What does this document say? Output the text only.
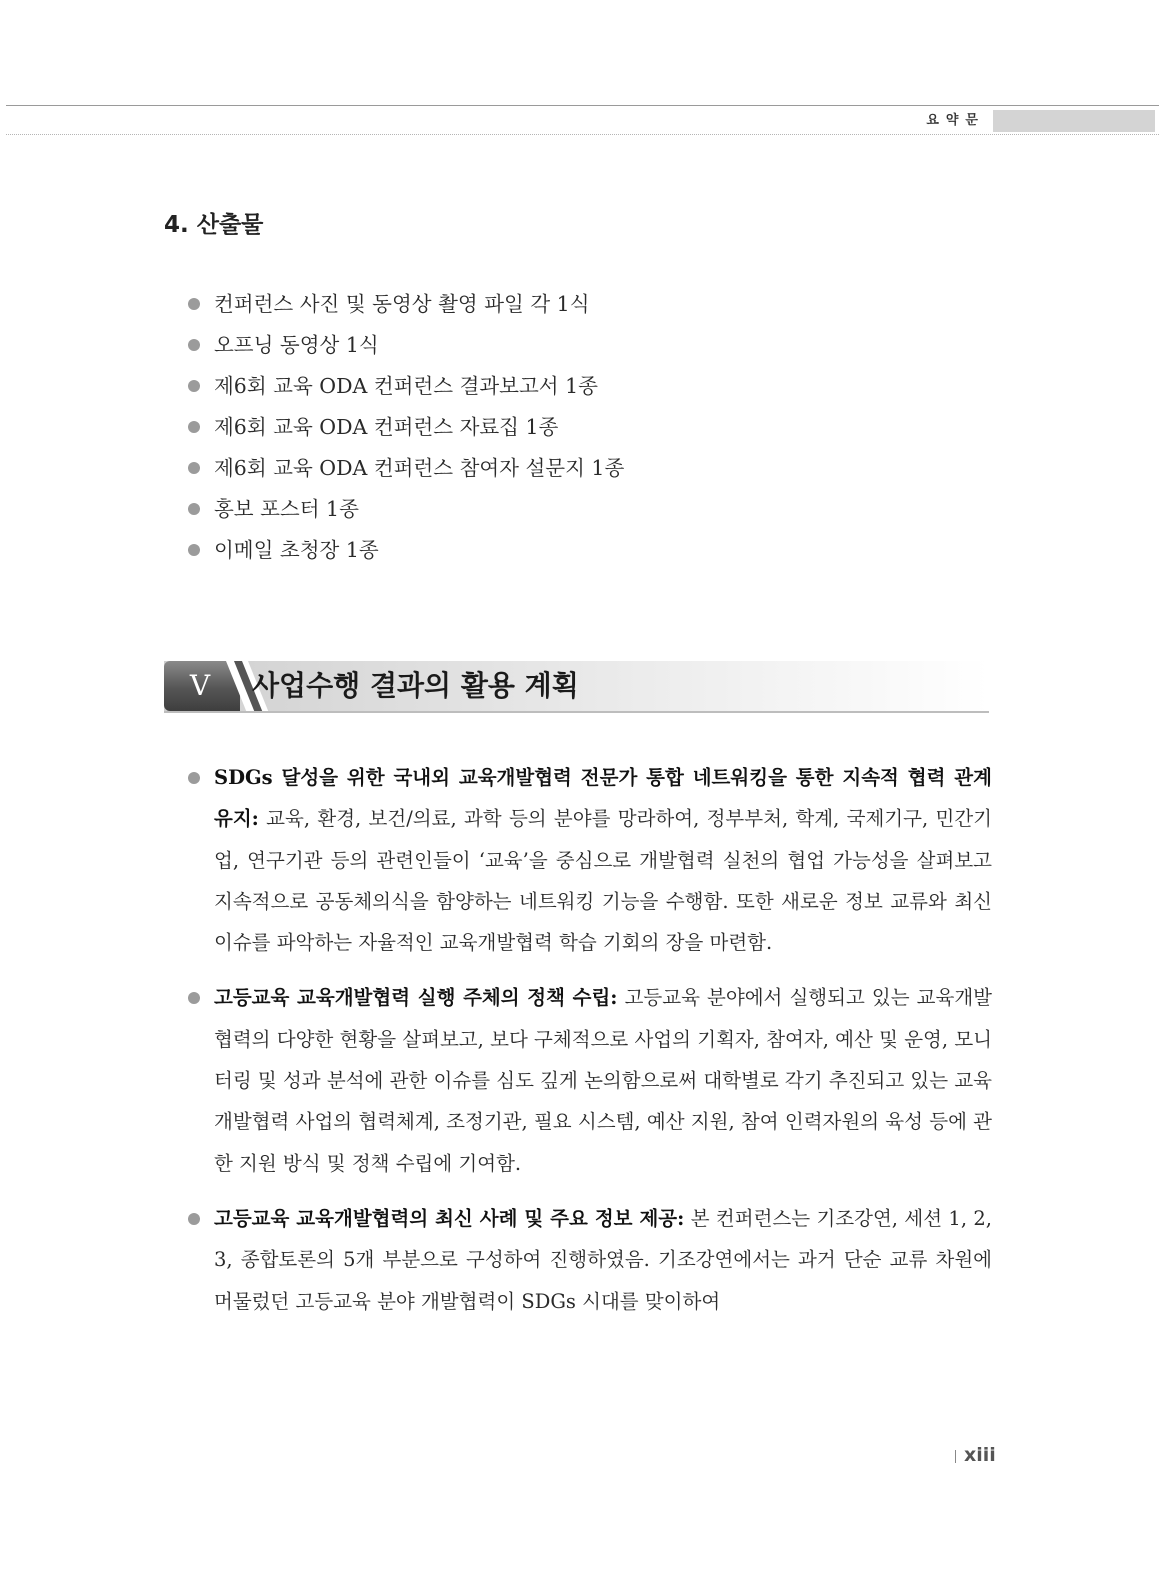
요약문
4. 산출물
컨퍼런스 사진 및 동영상 촬영 파일 각 1식
오프닝 동영상 1식
제6회 교육 ODA 컨퍼런스 결과보고서 1종
제6회 교육 ODA 컨퍼런스 자료집 1종
제6회 교육 ODA 컨퍼런스 참여자 설문지 1종
홍보 포스터 1종
이메일 초청장 1종
V	사업수행 결과의 활용 계획
SDGs 달성을 위한 국내외 교육개발협력 전문가 통합 네트워킹을 통한 지속적 협력 관계 유지: 교육, 환경, 보건/의료, 과학 등의 분야를 망라하여, 정부부처, 학계, 국제기구, 민간기업, 연구기관 등의 관련인들이 ‘교육’을 중심으로 개발협력 실천의 협업 가능성을 살펴보고 지속적으로 공동체의식을 함양하는 네트워킹 기능을 수행함. 또한 새로운 정보 교류와 최신 이슈를 파악하는 자율적인 교육개발협력 학습 기회의 장을 마련함.
고등교육 교육개발협력 실행 주체의 정책 수립: 고등교육 분야에서 실행되고 있는 교육개발협력의 다양한 현황을 살펴보고, 보다 구체적으로 사업의 기획자, 참여자, 예산 및 운영, 모니터링 및 성과 분석에 관한 이슈를 심도 깊게 논의함으로써 대학별로 각기 추진되고 있는 교육개발협력 사업의 협력체계, 조정기관, 필요 시스템, 예산 지원, 참여 인력자원의 육성 등에 관한 지원 방식 및 정책 수립에 기여함.
고등교육 교육개발협력의 최신 사례 및 주요 정보 제공: 본 컨퍼런스는 기조강연, 세션 1, 2, 3, 종합토론의 5개 부분으로 구성하여 진행하였음. 기조강연에서는 과거 단순 교류 차원에 머물렀던 고등교육 분야 개발협력이 SDGs 시대를 맞이하여
xiii
